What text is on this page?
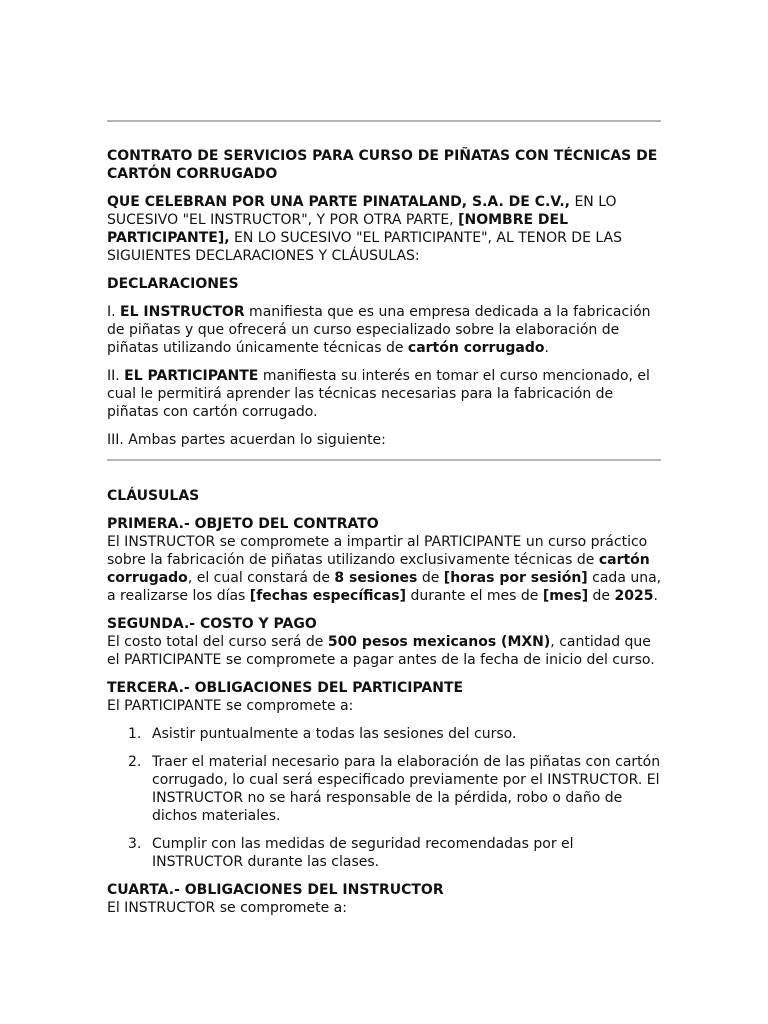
CONTRATO DE SERVICIOS PARA CURSO DE PIÑATAS CON TÉCNICAS DE CARTÓN CORRUGADO

QUE CELEBRAN POR UNA PARTE PINATALAND, S.A. DE C.V., EN LO SUCESIVO "EL INSTRUCTOR", Y POR OTRA PARTE, [NOMBRE DEL PARTICIPANTE], EN LO SUCESIVO "EL PARTICIPANTE", AL TENOR DE LAS SIGUIENTES DECLARACIONES Y CLÁUSULAS:

DECLARACIONES

I. EL INSTRUCTOR manifiesta que es una empresa dedicada a la fabricación de piñatas y que ofrecerá un curso especializado sobre la elaboración de piñatas utilizando únicamente técnicas de cartón corrugado.

II. EL PARTICIPANTE manifiesta su interés en tomar el curso mencionado, el cual le permitirá aprender las técnicas necesarias para la fabricación de piñatas con cartón corrugado.

III. Ambas partes acuerdan lo siguiente:

CLÁUSULAS

PRIMERA.- OBJETO DEL CONTRATO
El INSTRUCTOR se compromete a impartir al PARTICIPANTE un curso práctico sobre la fabricación de piñatas utilizando exclusivamente técnicas de cartón corrugado, el cual constará de 8 sesiones de [horas por sesión] cada una, a realizarse los días [fechas específicas] durante el mes de [mes] de 2025.

SEGUNDA.- COSTO Y PAGO
El costo total del curso será de 500 pesos mexicanos (MXN), cantidad que el PARTICIPANTE se compromete a pagar antes de la fecha de inicio del curso.

TERCERA.- OBLIGACIONES DEL PARTICIPANTE
El PARTICIPANTE se compromete a:

1. Asistir puntualmente a todas las sesiones del curso.
2. Traer el material necesario para la elaboración de las piñatas con cartón corrugado, lo cual será especificado previamente por el INSTRUCTOR. El INSTRUCTOR no se hará responsable de la pérdida, robo o daño de dichos materiales.
3. Cumplir con las medidas de seguridad recomendadas por el INSTRUCTOR durante las clases.

CUARTA.- OBLIGACIONES DEL INSTRUCTOR
El INSTRUCTOR se compromete a:
